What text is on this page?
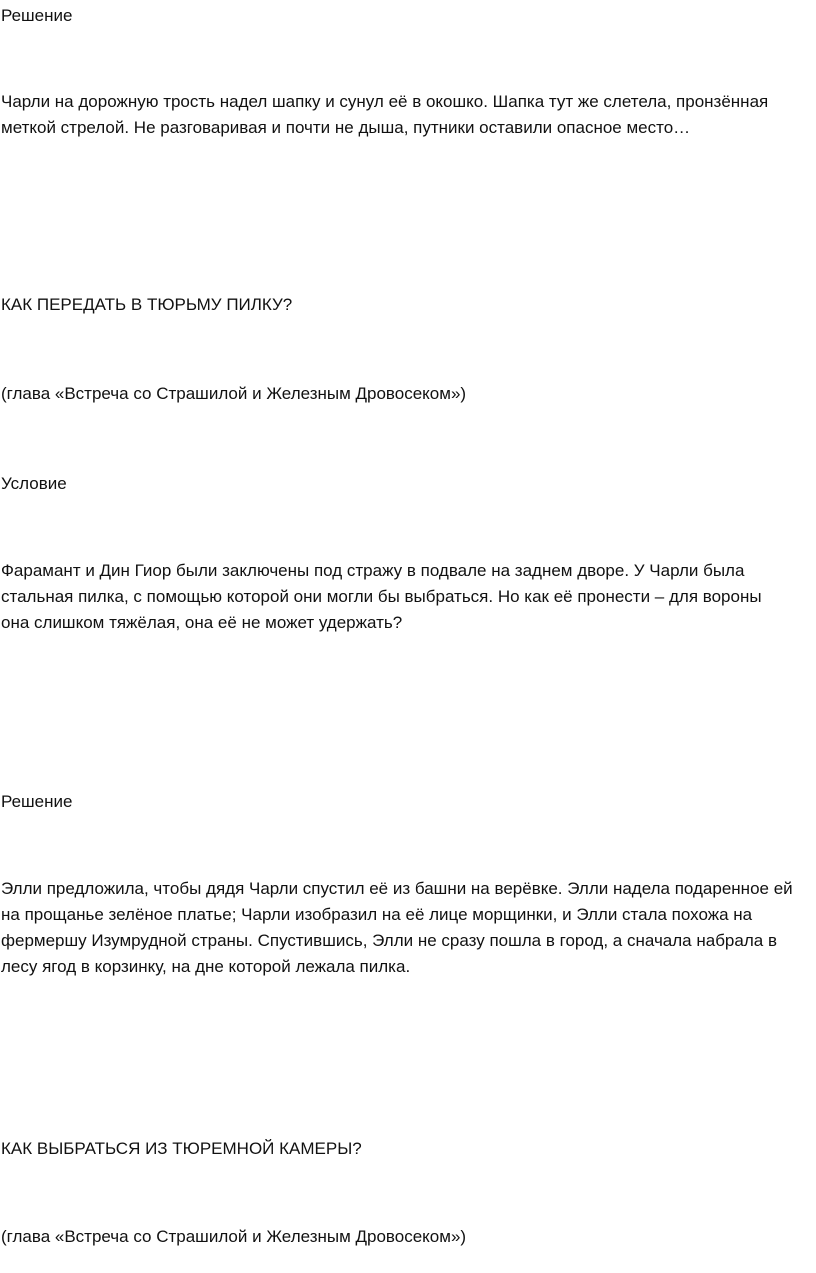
Решение

Чарли на дорожную трость надел шапку и сунул её в окошко. Шапка тут же слетела, пронзённая
меткой стрелой. Не разговаривая и почти не дыша, путники оставили опасное место…

КАК ПЕРЕДАТЬ В ТЮРЬМУ ПИЛКУ?

(глава «Встреча со Страшилой и Железным Дровосеком»)

Условие

Фарамант и Дин Гиор были заключены под стражу в подвале на заднем дворе. У Чарли была
стальная пилка, с помощью которой они могли бы выбраться. Но как её пронести – для вороны
она слишком тяжёлая, она её не может удержать?

Решение

Элли предложила, чтобы дядя Чарли спустил её из башни на верёвке. Элли надела подаренное ей
на прощанье зелёное платье; Чарли изобразил на её лице морщинки, и Элли стала похожа на
фермершу Изумрудной страны. Спустившись, Элли не сразу пошла в город, а сначала набрала в
лесу ягод в корзинку, на дне которой лежала пилка.

КАК ВЫБРАТЬСЯ ИЗ ТЮРЕМНОЙ КАМЕРЫ?

(глава «Встреча со Страшилой и Железным Дровосеком»)
